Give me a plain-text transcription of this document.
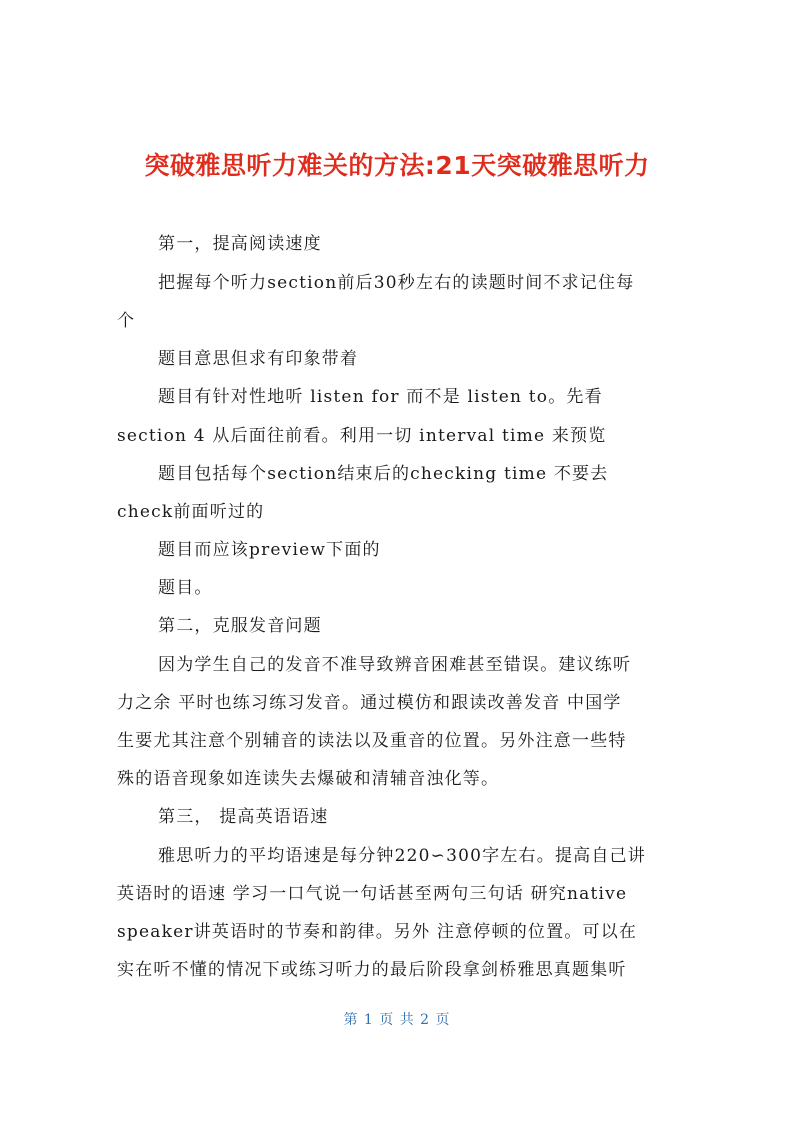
突破雅思听力难关的方法:21天突破雅思听力

第一，提高阅读速度

把握每个听力section前后30秒左右的读题时间不求记住每

个

题目意思但求有印象带着

题目有针对性地听 listen for 而不是 listen to。先看

section 4 从后面往前看。利用一切 interval time 来预览

题目包括每个section结束后的checking time 不要去

check前面听过的

题目而应该preview下面的

题目。

第二，克服发音问题

因为学生自己的发音不准导致辨音困难甚至错误。建议练听

力之余 平时也练习练习发音。通过模仿和跟读改善发音 中国学

生要尤其注意个别辅音的读法以及重音的位置。另外注意一些特

殊的语音现象如连读失去爆破和清辅音浊化等。

第三， 提高英语语速

雅思听力的平均语速是每分钟220∽300字左右。提高自己讲

英语时的语速 学习一口气说一句话甚至两句三句话 研究native

speaker讲英语时的节奏和韵律。另外 注意停顿的位置。可以在

实在听不懂的情况下或练习听力的最后阶段拿剑桥雅思真题集听

第 1 页 共 2 页
